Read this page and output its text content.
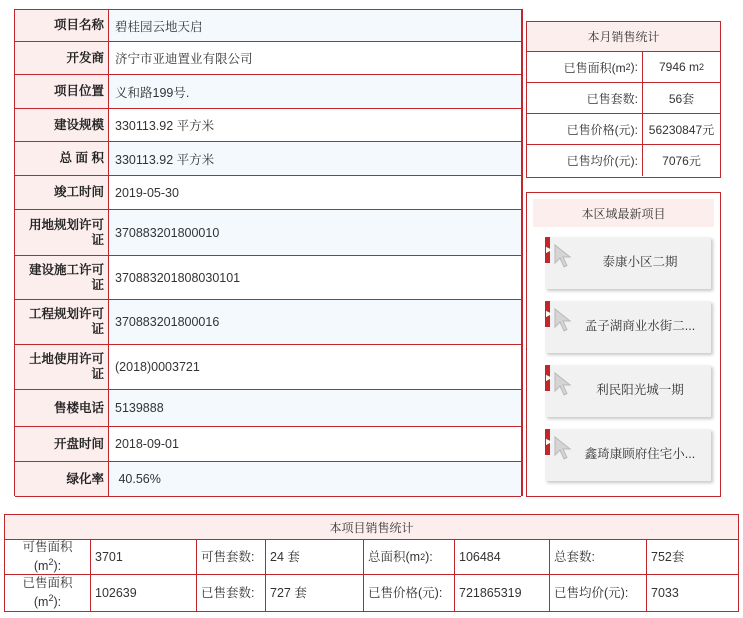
项目名称 碧桂园云地天启
开发商 济宁市亚迪置业有限公司
项目位置 义和路199号.
建设规模 330113.92 平方米
总 面 积 330113.92 平方米
竣工时间 2019-05-30
用地规划许可证 370883201800010
建设施工许可证 370883201808030101
工程规划许可证 370883201800016
土地使用许可证 (2018)0003721
售楼电话 5139888
开盘时间 2018-09-01
绿化率 40.56%
本月销售统计
已售面积(m 2 ): 7946 m 2
已售套数:	56套
已售价格(元): 56230847元
已售均价(元):	7076元
本区域最新项目
▶
泰康小区二期
▶
孟子湖商业水街二...
▶
利民阳光城一期
▶
鑫琦康顾府住宅小...
本项目销售统计
可售面积
$(m^2)$:
3701	可售套数:	24 套	总面积(m 2 ):	106484	总套数:	752套
已售面积
$(m^2)$:
102639	已售套数:	727 套	已售价格(元):	721865319	已售均价(元):	7033
